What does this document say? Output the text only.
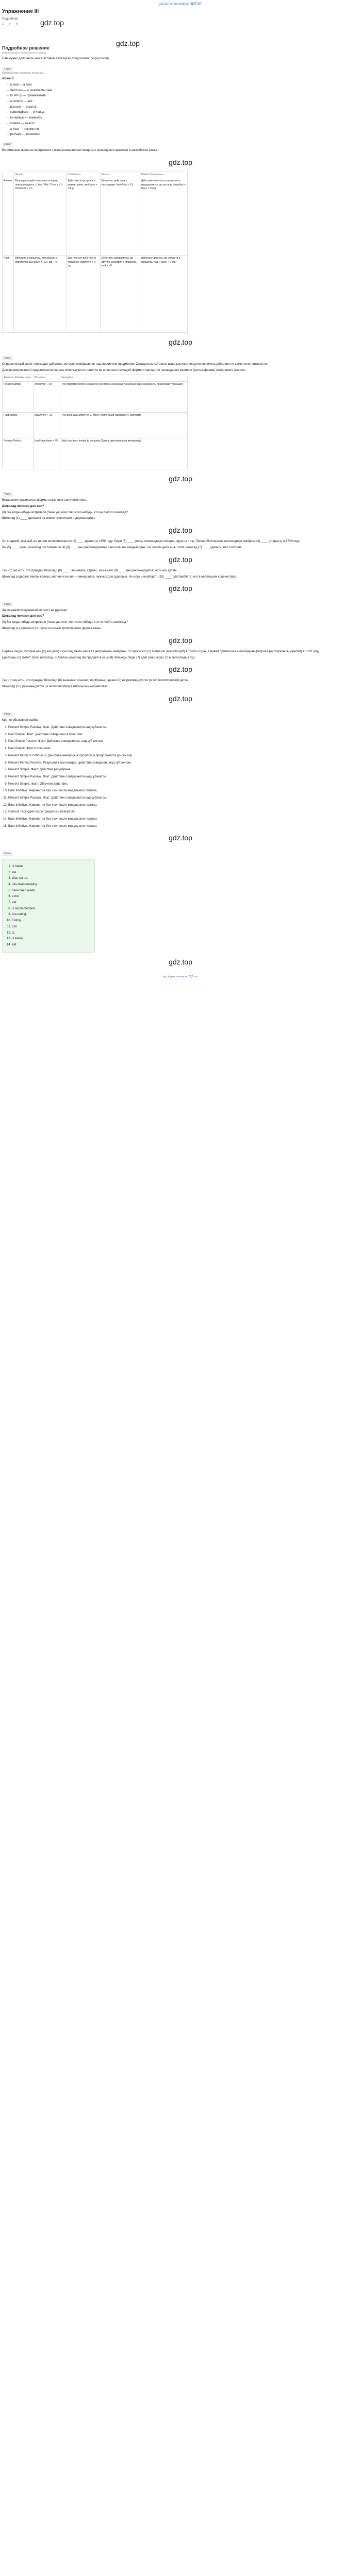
gdz.top на ли вопрос ГДЗТОП!
Упражнение III
Подробнее
1 2 3	gdz.top
Подробное решение
Используемые правила/конструкции

Нам нужно дополнить текст, вставив в пропуски предлогами, по-русски/пр.

gdz.top
1 шаг
Используемые правила: исходный...

Absolut

— a seal — a seat
— delicious — a sentimental seat
— to set up — организовать
— a century — век
— passion — страсть
— carbohydrate — углевод
— to replace — заменить
— instead — вместо
— a treat — лакомство
— perhaps — возможно
2 шаг

Вспоминаем правила построения и использования настоящего и прошедшего времени в английском языке.

gdz.top
	Simple	Continuous	Perfect	Perfect Continuous
Present	Регулярное действие в настоящем, повторяющееся. I/ You / We / They + V1; He/She/It + V-s	Действие в процессе в момент речи. am/is/are + V-ing	Результат действия в настоящем. have/has + V3	Действие началось в прошлом и продолжается до сих пор. have/has + been + V-ing
Past	Действие в прошлом, произошло в определенный момент. V2 / did + V	Длительное действие в прошлом. was/were + V-ing	Действие завершилось до другого действия в прошлом. had + V3	Действие длилось до момента в прошлом. had + been + V-ing
gdz.top
3 шаг

Определенный залог переходит действие, которое совершается над лицом или предметом. Страдательный залог используется, когда исполнитель действия не важен или неизвестен.

Для формирования страдательного залога используются глагол to be в соответствующей форме и причастие прошедшего времени (третья форма) смыслового глагола.

Tenses in Passive voice	Structure	Examples
Present Simple	Am/Is/Are + V3	The important tennis is made by scientists (Значимая теннисная закономерность происходит учеными)
Past Simple	Was/Were + V3	The book was written by J. Milne (Книга была написана А. Милном)
Present Perfect	Has/Have been + V3	Jack has been invited to the party (Джека пригласили на вечеринку)
gdz.top
4 шаг

Вставляем правильные формы глаголов и получаем текст.

Шоколад полезен для вас?

(0) Вы когда-нибудь встречали (have you ever met) кого-нибудь, кто не любит шоколад?

Шоколад (1) ____ (делают) из семян тропического дерева какао.

gdz.top

Он сладкий, вкусный и в целом воспринимается (2) ____ (ранее) в 1650 году. Люди (3) ____ (пить) шоколадные ликеры, фрукты и т.д. Первая британская шоколадная фабрика (4) ____ (открыта) в 1728 году.

Вы (5) ____ (ешь) шоколад постоянно, если (6) ____ (не рекомендовать) Вам есть его каждый день. На самом деле ешь, хотя шоколад (7) ____ (делать) вас толстым.

gdz.top

Так что же есть, это правда? Шоколад (8) ____ (вызывать) кариес, из-за чего (9) ____ (не рекомендуется) есть его детям.

Шоколад содержит много железа, магния и калия — минералов, нужных для здоровья. Но есть и наоборот: (10) ____ (употреблять) его в небольших количествах.

gdz.top
5 шаг

Записываем получившийся текст на русском.

Шоколад полезен для вас?

(0) Вы когда-нибудь встречали (have you ever met) кого-нибудь, кто не любит шоколад?

Шоколад (1) делается (is made) из семян тропического дерева какао.

gdz.top

Первые люди, которые ели (2) ели (ate) шоколад, были майя в Центральной Америке. В Европе его (3) привезли (was brought) в 1520-х годах. Первая британская шоколадная фабрика (4) открылась (opened) в 1728 году.

Британцы (5) любят (love) шоколад. В Англии шоколад (6) продаётся (is sold) повсюду. Люди (7) едят (eat) около 10 кг шоколада в год.

gdz.top

Так что же есть, это правда? Шоколад (8) вызывает (causes) проблемы, однако (9) не рекомендуется (is not recommended) детям.

Шоколад (10) рекомендуется (is recommended) в небольших количествах.

gdz.top
6 шаг

Кратко объясняем выбор:

1. Present Simple Passive. Факт: Действие совершается над субъектом.
2. Past Simple. Факт: Действие совершено в прошлом.
3. Past Simple Passive. Факт: Действие совершилось над субъектом.
4. Past Simple. Факт в прошлом.
5. Present Perfect Continuous. Действие началось в прошлом и продолжается до сих пор.
6. Present Perfect Passive. Результат в настоящем: действие совершено над субъектом.
7. Present Simple. Факт: Действие регулярное.
8. Present Simple Passive. Факт: Действие совершается над субъектом.
9. Present Simple. Факт: Обычное действие.
10. Bare Infinitive. Инфинитив без «to» после модального глагола.
11. Present Simple Passive. Факт: Действие совершается над субъектом.
12. Bare Infinitive. Инфинитив без «to» после модального глагола.
13. Gerund. Герундий после предлога «instead of».
14. Bare Infinitive. Инфинитив без «to» после модального глагола.
15. Bare Infinitive. Инфинитив без «to» после модального глагола.
gdz.top
Ответ
1. is made.
2. ate.
3. Was set up.
4. has been enjoying.
5. have been made.
6. Love.
7. eat.
8. is recommended.
9. Are eating.
10. Eating.
11. Eat.
12. is.
13. is eating.
14. eat.
gdz.top
gdz.top на ли вопрос ГДЗ топ
